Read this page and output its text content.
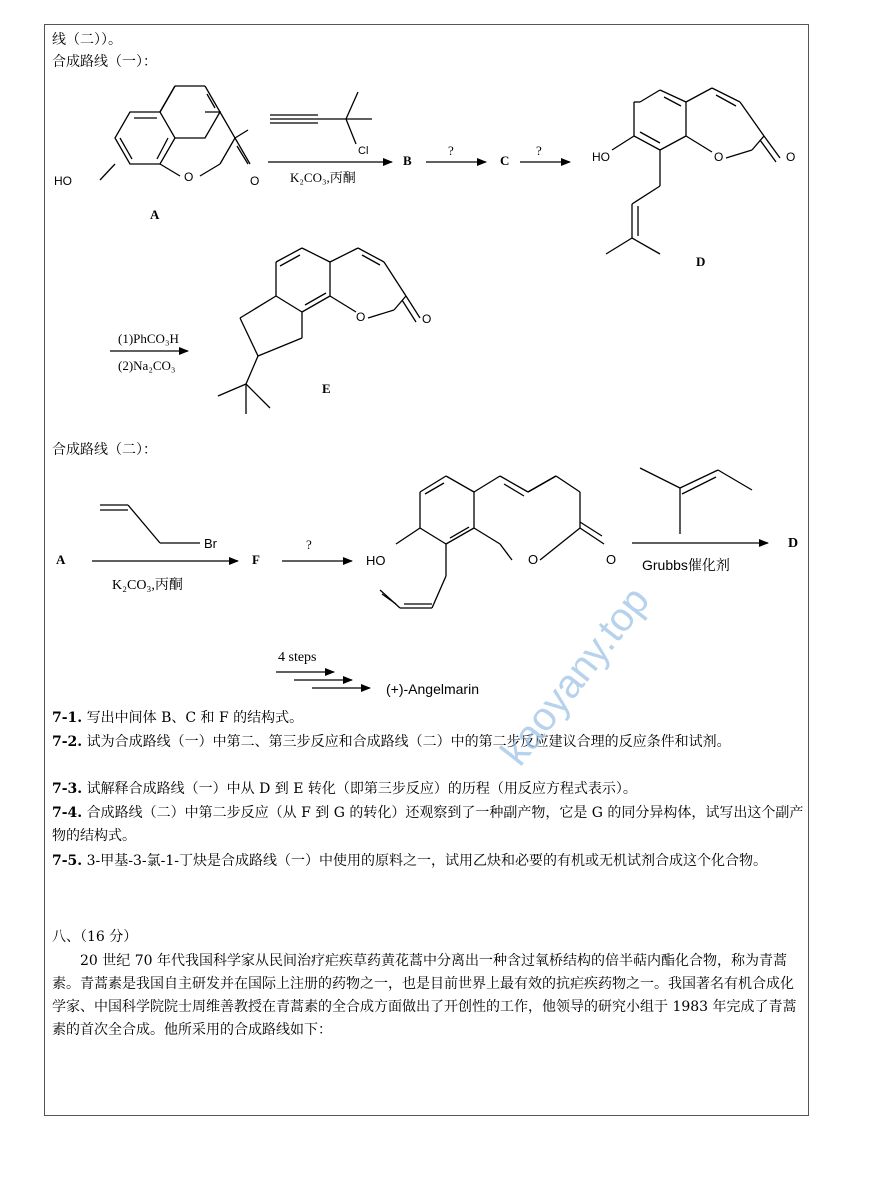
线（二））。
合成路线（一）：
HO	O	O
HO	O	O
O	O
HO	O	O
Cl
K₂CO₃,丙酮
B
?
C
?
A
D
(1)PhCO₃H
(2)Na₂CO₃
E
合成路线（二）：
Br
A
K₂CO₃,丙酮
F
?
Grubbs催化剂
D
4 steps
(+)-Angelmarin
7-1. 写出中间体 B、C 和 F 的结构式。
7-2. 试为合成路线（一）中第二、第三步反应和合成路线（二）中的第二步反应建议合理的反应条件和试剂。
7-3. 试解释合成路线（一）中从 D 到 E 转化（即第三步反应）的历程（用反应方程式表示）。
7-4. 合成路线（二）中第二步反应（从 F 到 G 的转化）还观察到了一种副产物，它是 G 的同分异构体，试写出这个副产物的结构式。
7-5. 3-甲基-3-氯-1-丁炔是合成路线（一）中使用的原料之一，试用乙炔和必要的有机或无机试剂合成这个化合物。
八、（16 分）
20 世纪 70 年代我国科学家从民间治疗疟疾草药黄花蒿中分离出一种含过氧桥结构的倍半萜内酯化合物，称为青蒿素。青蒿素是我国自主研发并在国际上注册的药物之一，也是目前世界上最有效的抗疟疾药物之一。我国著名有机合成化学家、中国科学院院士周维善教授在青蒿素的全合成方面做出了开创性的工作，他领导的研究小组于 1983 年完成了青蒿素的首次全合成。他所采用的合成路线如下：
kaoyany.top
